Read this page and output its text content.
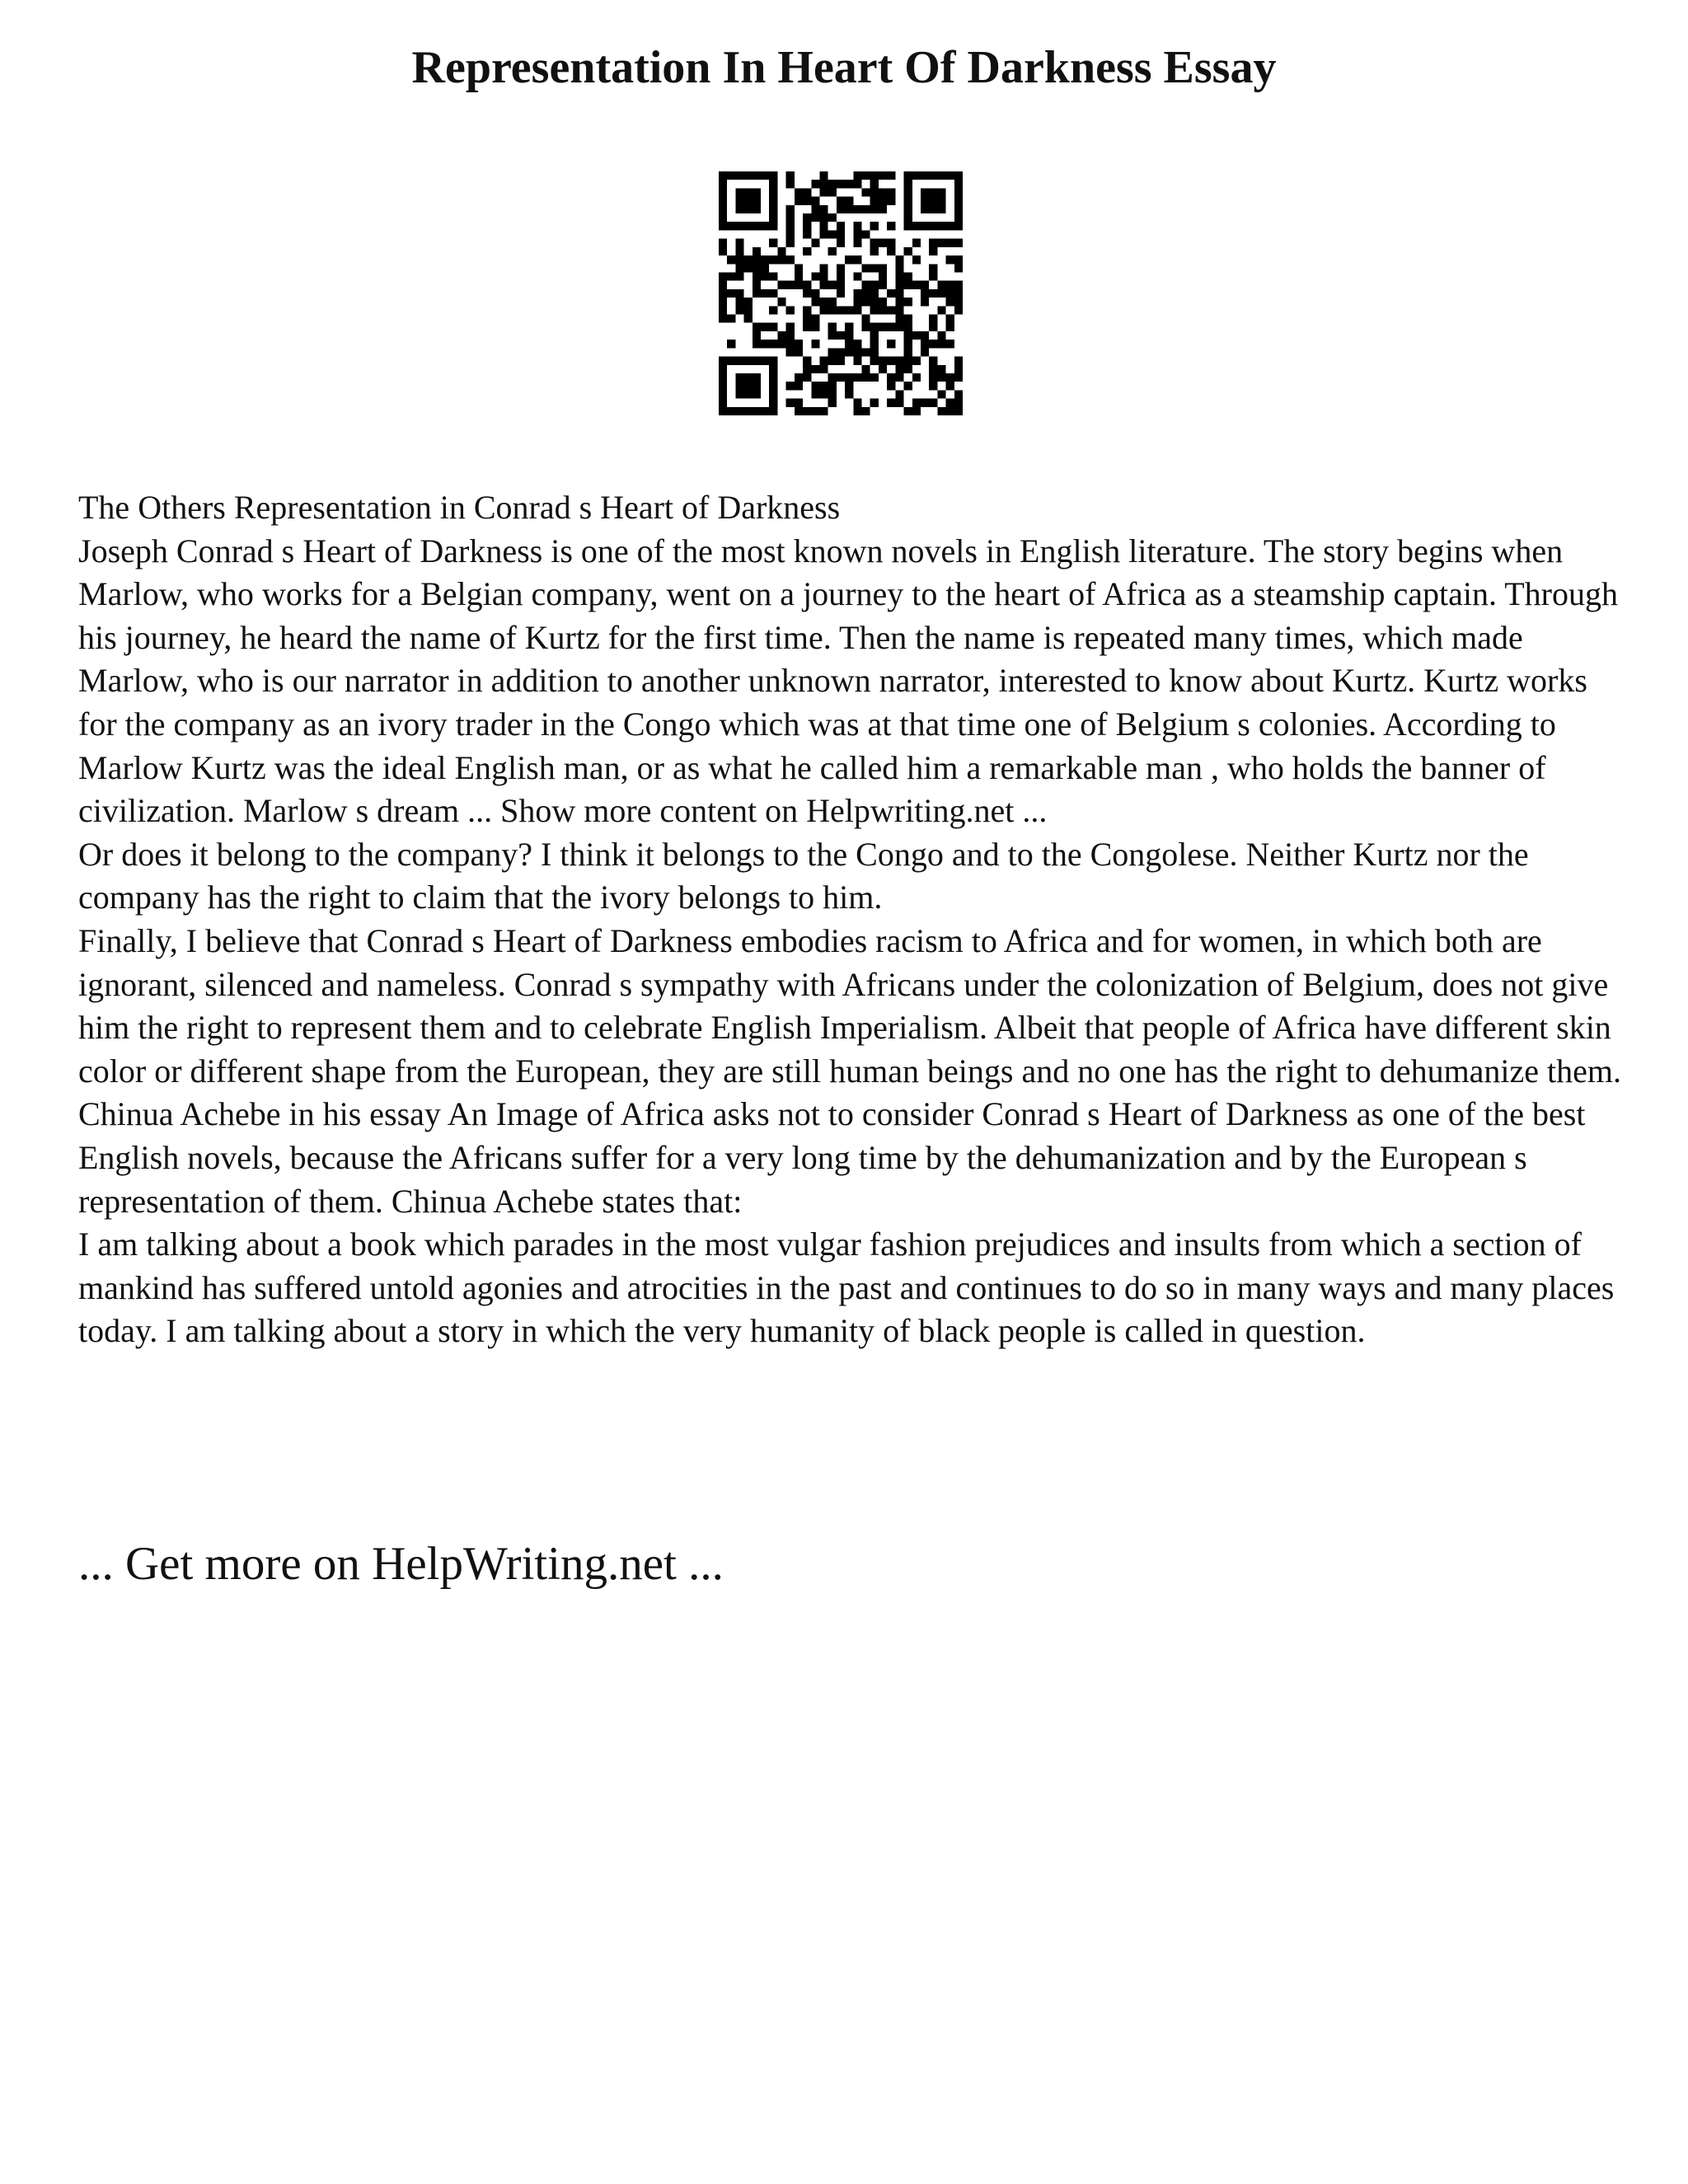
Representation In Heart Of Darkness Essay

The Others Representation in Conrad s Heart of Darkness

Joseph Conrad s Heart of Darkness is one of the most known novels in English literature. The story begins when Marlow, who works for a Belgian company, went on a journey to the heart of Africa as a steamship captain. Through his journey, he heard the name of Kurtz for the first time. Then the name is repeated many times, which made Marlow, who is our narrator in addition to another unknown narrator, interested to know about Kurtz. Kurtz works for the company as an ivory trader in the Congo which was at that time one of Belgium s colonies. According to Marlow Kurtz was the ideal English man, or as what he called him a remarkable man , who holds the banner of civilization. Marlow s dream ... Show more content on Helpwriting.net ...

Or does it belong to the company? I think it belongs to the Congo and to the Congolese. Neither Kurtz nor the company has the right to claim that the ivory belongs to him.

Finally, I believe that Conrad s Heart of Darkness embodies racism to Africa and for women, in which both are ignorant, silenced and nameless. Conrad s sympathy with Africans under the colonization of Belgium, does not give him the right to represent them and to celebrate English Imperialism. Albeit that people of Africa have different skin color or different shape from the European, they are still human beings and no one has the right to dehumanize them.

Chinua Achebe in his essay An Image of Africa asks not to consider Conrad s Heart of Darkness as one of the best English novels, because the Africans suffer for a very long time by the dehumanization and by the European s representation of them. Chinua Achebe states that:

I am talking about a book which parades in the most vulgar fashion prejudices and insults from which a section of mankind has suffered untold agonies and atrocities in the past and continues to do so in many ways and many places today. I am talking about a story in which the very humanity of black people is called in question.

... Get more on HelpWriting.net ...
